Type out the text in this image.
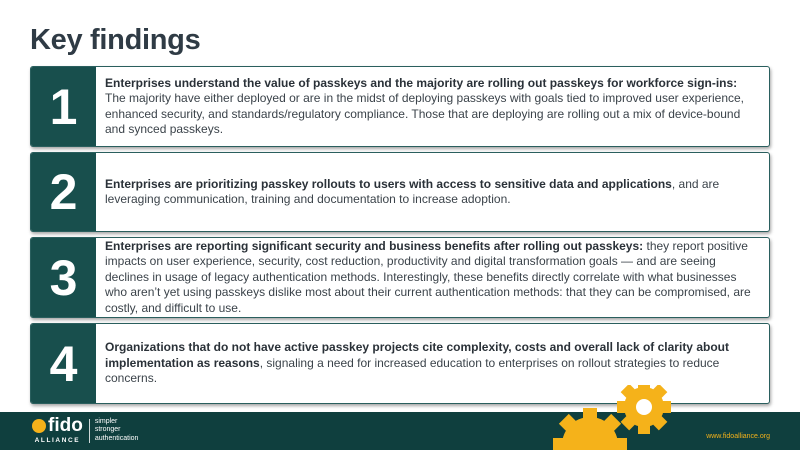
Key findings
1	Enterprises understand the value of passkeys and the majority are rolling out passkeys for workforce sign-ins: The majority have either deployed or are in the midst of deploying passkeys with goals tied to improved user experience, enhanced security, and standards/regulatory compliance. Those that are deploying are rolling out a mix of device-bound and synced passkeys.
2	Enterprises are prioritizing passkey rollouts to users with access to sensitive data and applications, and are leveraging communication, training and documentation to increase adoption.
3
Enterprises are reporting significant security and business benefits after rolling out passkeys: they report positive impacts on user experience, security, cost reduction, productivity and digital transformation goals — and are seeing declines in usage of legacy authentication methods. Interestingly, these benefits directly correlate with what businesses who aren’t yet using passkeys dislike most about their current authentication methods: that they can be compromised, are costly, and difficult to use.
4	Organizations that do not have active passkey projects cite complexity, costs and overall lack of clarity about implementation as reasons, signaling a need for increased education to enterprises on rollout strategies to reduce concerns.
fido
ALLIANCE
simpler
stronger
authentication	www.fidoalliance.org
